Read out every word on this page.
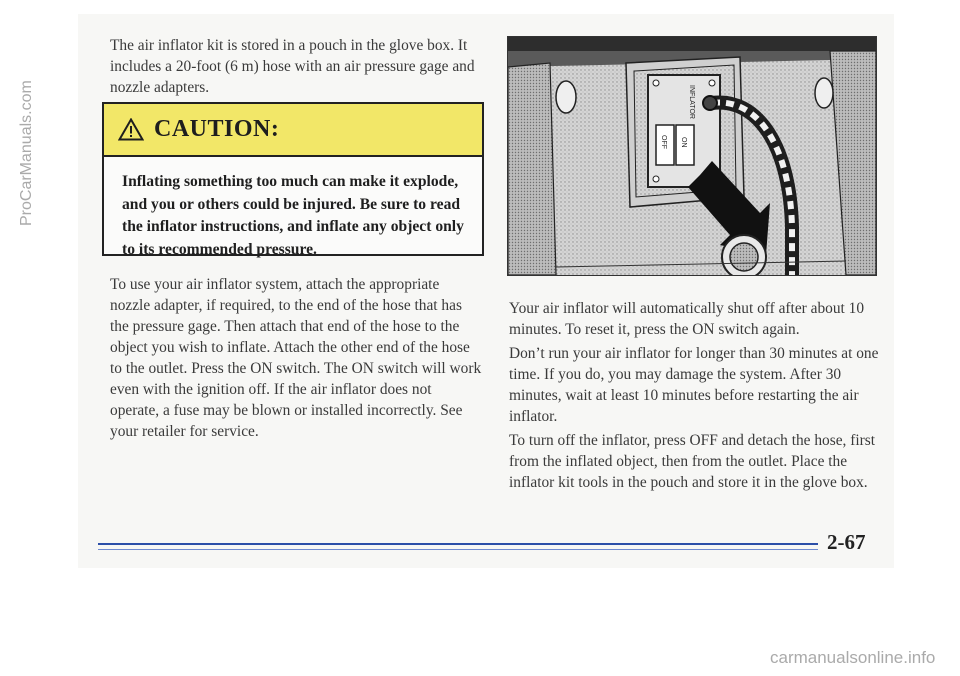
The air inflator kit is stored in a pouch in the glove box. It includes a 20-foot (6 m) hose with an air pressure gage and nozzle adapters.

CAUTION:

Inflating something too much can make it explode, and you or others could be injured. Be sure to read the inflator instructions, and inflate any object only to its recommended pressure.

To use your air inflator system, attach the appropriate nozzle adapter, if required, to the end of the hose that has the pressure gage. Then attach that end of the hose to the object you wish to inflate. Attach the other end of the hose to the outlet. Press the ON switch. The ON switch will work even with the ignition off. If the air inflator does not operate, a fuse may be blown or installed incorrectly. See your retailer for service.

INFLATOR
OFF ON

Your air inflator will automatically shut off after about 10 minutes. To reset it, press the ON switch again.

Don’t run your air inflator for longer than 30 minutes at one time. If you do, you may damage the system. After 30 minutes, wait at least 10 minutes before restarting the air inflator.

To turn off the inflator, press OFF and detach the hose, first from the inflated object, then from the outlet. Place the inflator kit tools in the pouch and store it in the glove box.

2-67

carmanualsonline.info

ProCarManuals.com
